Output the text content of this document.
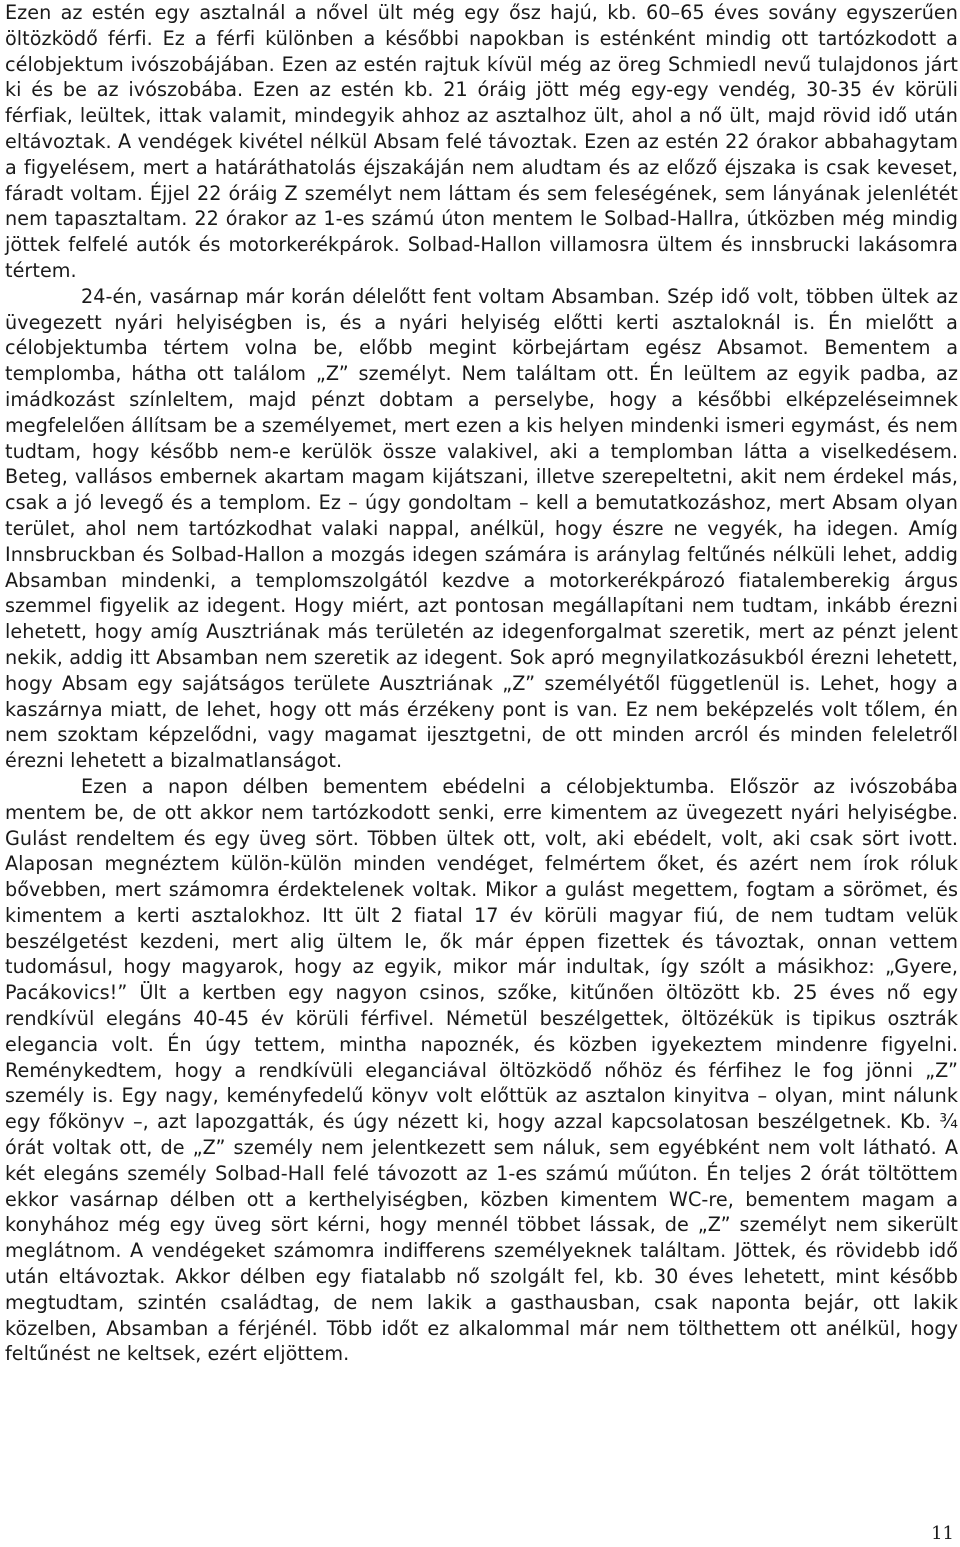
Ezen az estén egy asztalnál a nővel ült még egy ősz hajú, kb. 60–65 éves sovány egyszerűen öltözködő férfi. Ez a férfi különben a későbbi napokban is esténként mindig ott tartózkodott a célobjektum ivószobájában. Ezen az estén rajtuk kívül még az öreg Schmiedl nevű tulajdonos járt ki és be az ivószobába. Ezen az estén kb. 21 óráig jött még egy-egy vendég, 30-35 év körüli férfiak, leültek, ittak valamit, mindegyik ahhoz az asztalhoz ült, ahol a nő ült, majd rövid idő után eltávoztak. A vendégek kivétel nélkül Absam felé távoztak. Ezen az estén 22 órakor abbahagytam a figyelésem, mert a határáthatolás éjszakáján nem aludtam és az előző éjszaka is csak keveset, fáradt voltam. Éjjel 22 óráig Z személyt nem láttam és sem feleségének, sem lányának jelenlétét nem tapasztaltam. 22 órakor az 1-es számú úton mentem le Solbad-Hallra, útközben még mindig jöttek felfelé autók és motorkerékpárok. Solbad-Hallon villamosra ültem és innsbrucki lakásomra tértem.

24-én, vasárnap már korán délelőtt fent voltam Absamban. Szép idő volt, többen ültek az üvegezett nyári helyiségben is, és a nyári helyiség előtti kerti asztaloknál is. Én mielőtt a célobjektumba tértem volna be, előbb megint körbejártam egész Absamot. Bementem a templomba, hátha ott találom „Z” személyt. Nem találtam ott. Én leültem az egyik padba, az imádkozást színleltem, majd pénzt dobtam a perselybe, hogy a későbbi elképzeléseimnek megfelelően állítsam be a személyemet, mert ezen a kis helyen mindenki ismeri egymást, és nem tudtam, hogy később nem-e kerülök össze valakivel, aki a templomban látta a viselkedésem. Beteg, vallásos embernek akartam magam kijátszani, illetve szerepeltetni, akit nem érdekel más, csak a jó levegő és a templom. Ez – úgy gondoltam – kell a bemutatkozáshoz, mert Absam olyan terület, ahol nem tartózkodhat valaki nappal, anélkül, hogy észre ne vegyék, ha idegen. Amíg Innsbruckban és Solbad-Hallon a mozgás idegen számára is aránylag feltűnés nélküli lehet, addig Absamban mindenki, a templomszolgától kezdve a motorkerékpározó fiatalemberekig árgus szemmel figyelik az idegent. Hogy miért, azt pontosan megállapítani nem tudtam, inkább érezni lehetett, hogy amíg Ausztriának más területén az idegenforgalmat szeretik, mert az pénzt jelent nekik, addig itt Absamban nem szeretik az idegent. Sok apró megnyilatkozásukból érezni lehetett, hogy Absam egy sajátságos területe Ausztriának „Z” személyétől függetlenül is. Lehet, hogy a kaszárnya miatt, de lehet, hogy ott más érzékeny pont is van. Ez nem beképzelés volt tőlem, én nem szoktam képzelődni, vagy magamat ijesztgetni, de ott minden arcról és minden feleletről érezni lehetett a bizalmatlanságot.

Ezen a napon délben bementem ebédelni a célobjektumba. Először az ivószobába mentem be, de ott akkor nem tartózkodott senki, erre kimentem az üvegezett nyári helyiségbe. Gulást rendeltem és egy üveg sört. Többen ültek ott, volt, aki ebédelt, volt, aki csak sört ivott. Alaposan megnéztem külön-külön minden vendéget, felmértem őket, és azért nem írok róluk bővebben, mert számomra érdektelenek voltak. Mikor a gulást megettem, fogtam a sörömet, és kimentem a kerti asztalokhoz. Itt ült 2 fiatal 17 év körüli magyar fiú, de nem tudtam velük beszélgetést kezdeni, mert alig ültem le, ők már éppen fizettek és távoztak, onnan vettem tudomásul, hogy magyarok, hogy az egyik, mikor már indultak, így szólt a másikhoz: „Gyere, Pacákovics!” Ült a kertben egy nagyon csinos, szőke, kitűnően öltözött kb. 25 éves nő egy rendkívül elegáns 40-45 év körüli férfivel. Németül beszélgettek, öltözékük is tipikus osztrák elegancia volt. Én úgy tettem, mintha napoznék, és közben igyekeztem mindenre figyelni. Reménykedtem, hogy a rendkívüli eleganciával öltözködő nőhöz és férfihez le fog jönni „Z” személy is. Egy nagy, keményfedelű könyv volt előttük az asztalon kinyitva – olyan, mint nálunk egy főkönyv –, azt lapozgatták, és úgy nézett ki, hogy azzal kapcsolatosan beszélgetnek. Kb. ¾ órát voltak ott, de „Z” személy nem jelentkezett sem náluk, sem egyébként nem volt látható. A két elegáns személy Solbad-Hall felé távozott az 1-es számú műúton. Én teljes 2 órát töltöttem ekkor vasárnap délben ott a kerthelyiségben, közben kimentem WC-re, bementem magam a konyhához még egy üveg sört kérni, hogy mennél többet lássak, de „Z” személyt nem sikerült meglátnom. A vendégeket számomra indifferens személyeknek találtam. Jöttek, és rövidebb idő után eltávoztak. Akkor délben egy fiatalabb nő szolgált fel, kb. 30 éves lehetett, mint később megtudtam, szintén családtag, de nem lakik a gasthausban, csak naponta bejár, ott lakik közelben, Absamban a férjénél. Több időt ez alkalommal már nem tölthettem ott anélkül, hogy feltűnést ne keltsek, ezért eljöttem.

11
